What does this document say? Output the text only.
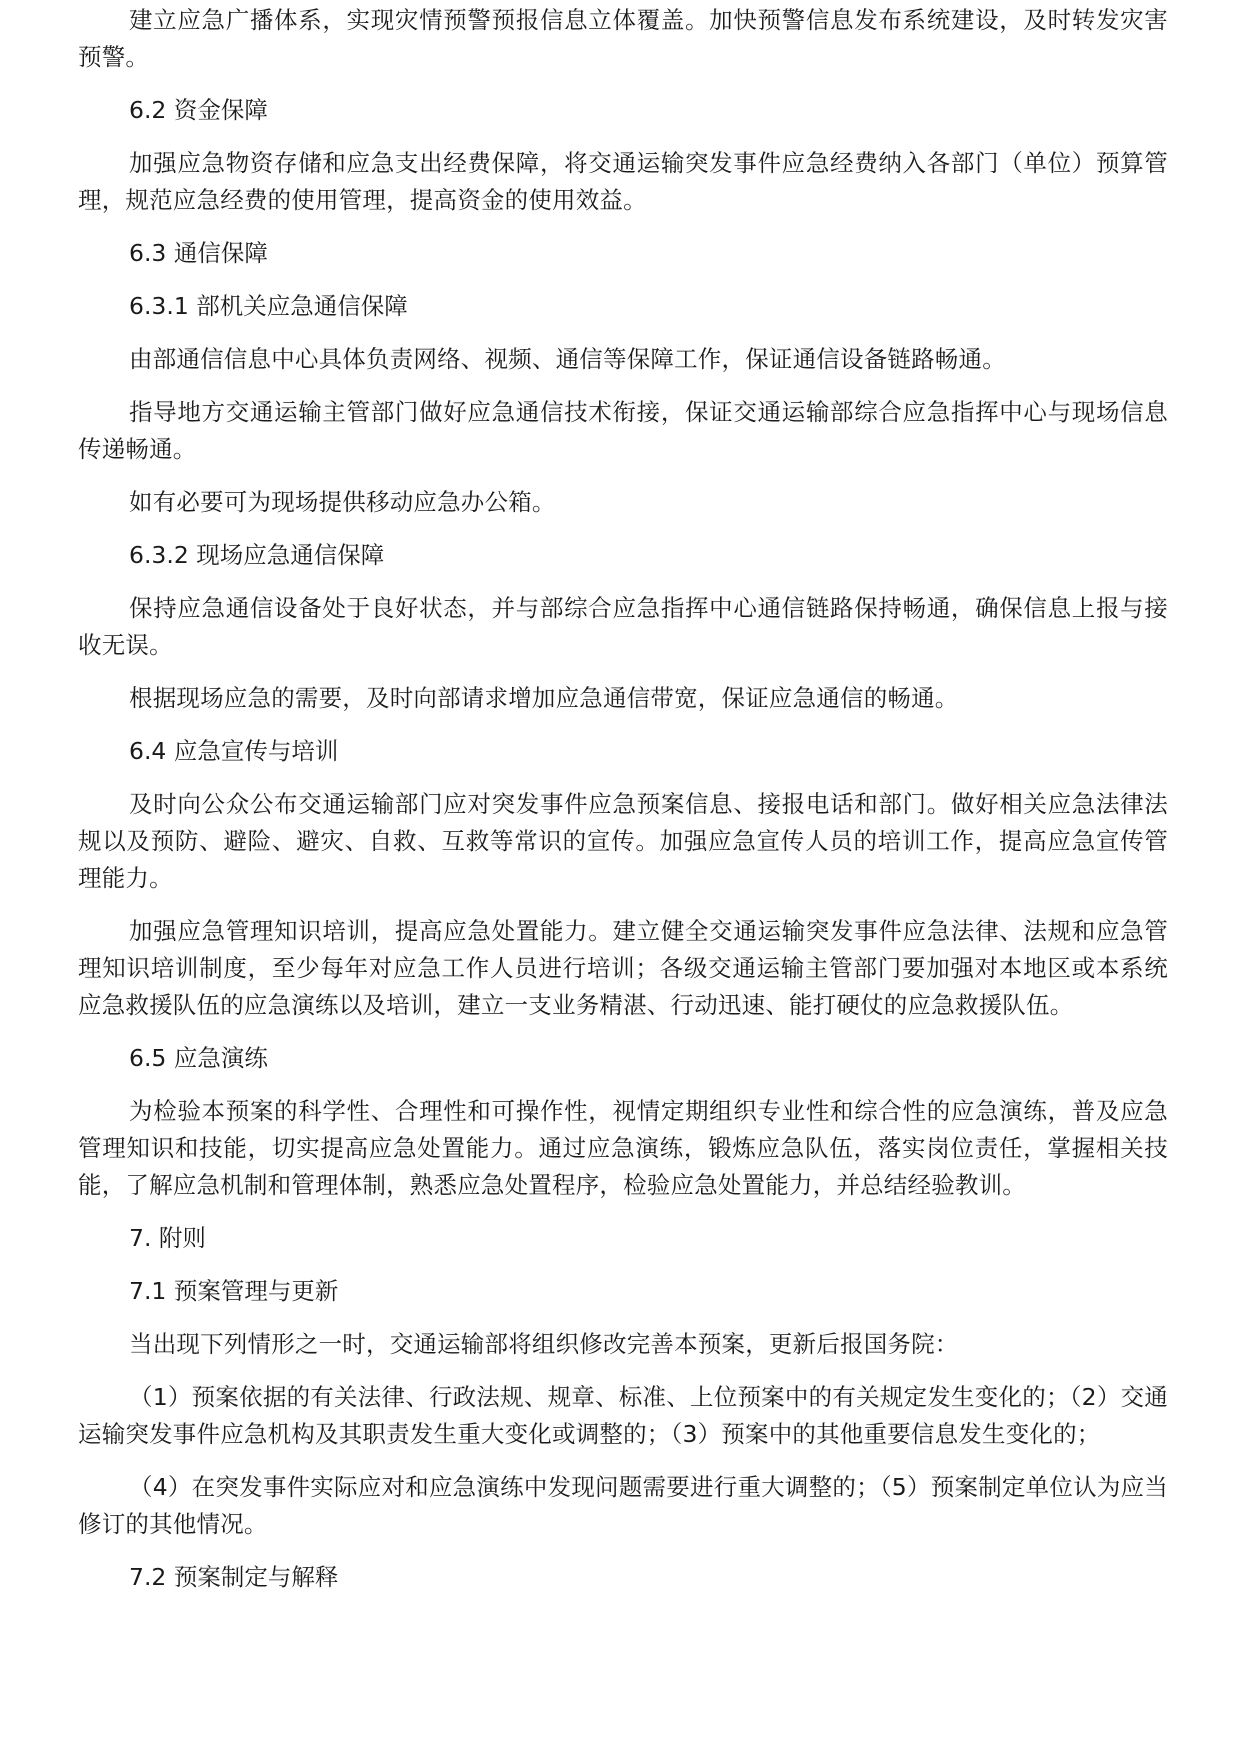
建立应急广播体系，实现灾情预警预报信息立体覆盖。加快预警信息发布系统建设，及时转发灾害预警。

6.2 资金保障

加强应急物资存储和应急支出经费保障，将交通运输突发事件应急经费纳入各部门（单位）预算管理，规范应急经费的使用管理，提高资金的使用效益。

6.3 通信保障

6.3.1 部机关应急通信保障

由部通信信息中心具体负责网络、视频、通信等保障工作，保证通信设备链路畅通。

指导地方交通运输主管部门做好应急通信技术衔接，保证交通运输部综合应急指挥中心与现场信息传递畅通。

如有必要可为现场提供移动应急办公箱。

6.3.2 现场应急通信保障

保持应急通信设备处于良好状态，并与部综合应急指挥中心通信链路保持畅通，确保信息上报与接收无误。

根据现场应急的需要，及时向部请求增加应急通信带宽，保证应急通信的畅通。

6.4 应急宣传与培训

及时向公众公布交通运输部门应对突发事件应急预案信息、接报电话和部门。做好相关应急法律法规以及预防、避险、避灾、自救、互救等常识的宣传。加强应急宣传人员的培训工作，提高应急宣传管理能力。

加强应急管理知识培训，提高应急处置能力。建立健全交通运输突发事件应急法律、法规和应急管理知识培训制度，至少每年对应急工作人员进行培训；各级交通运输主管部门要加强对本地区或本系统应急救援队伍的应急演练以及培训，建立一支业务精湛、行动迅速、能打硬仗的应急救援队伍。

6.5 应急演练

为检验本预案的科学性、合理性和可操作性，视情定期组织专业性和综合性的应急演练，普及应急管理知识和技能，切实提高应急处置能力。通过应急演练，锻炼应急队伍，落实岗位责任，掌握相关技能，了解应急机制和管理体制，熟悉应急处置程序，检验应急处置能力，并总结经验教训。

7. 附则

7.1 预案管理与更新

当出现下列情形之一时，交通运输部将组织修改完善本预案，更新后报国务院：

（1）预案依据的有关法律、行政法规、规章、标准、上位预案中的有关规定发生变化的；（2）交通运输突发事件应急机构及其职责发生重大变化或调整的；（3）预案中的其他重要信息发生变化的；

（4）在突发事件实际应对和应急演练中发现问题需要进行重大调整的；（5）预案制定单位认为应当修订的其他情况。

7.2 预案制定与解释
